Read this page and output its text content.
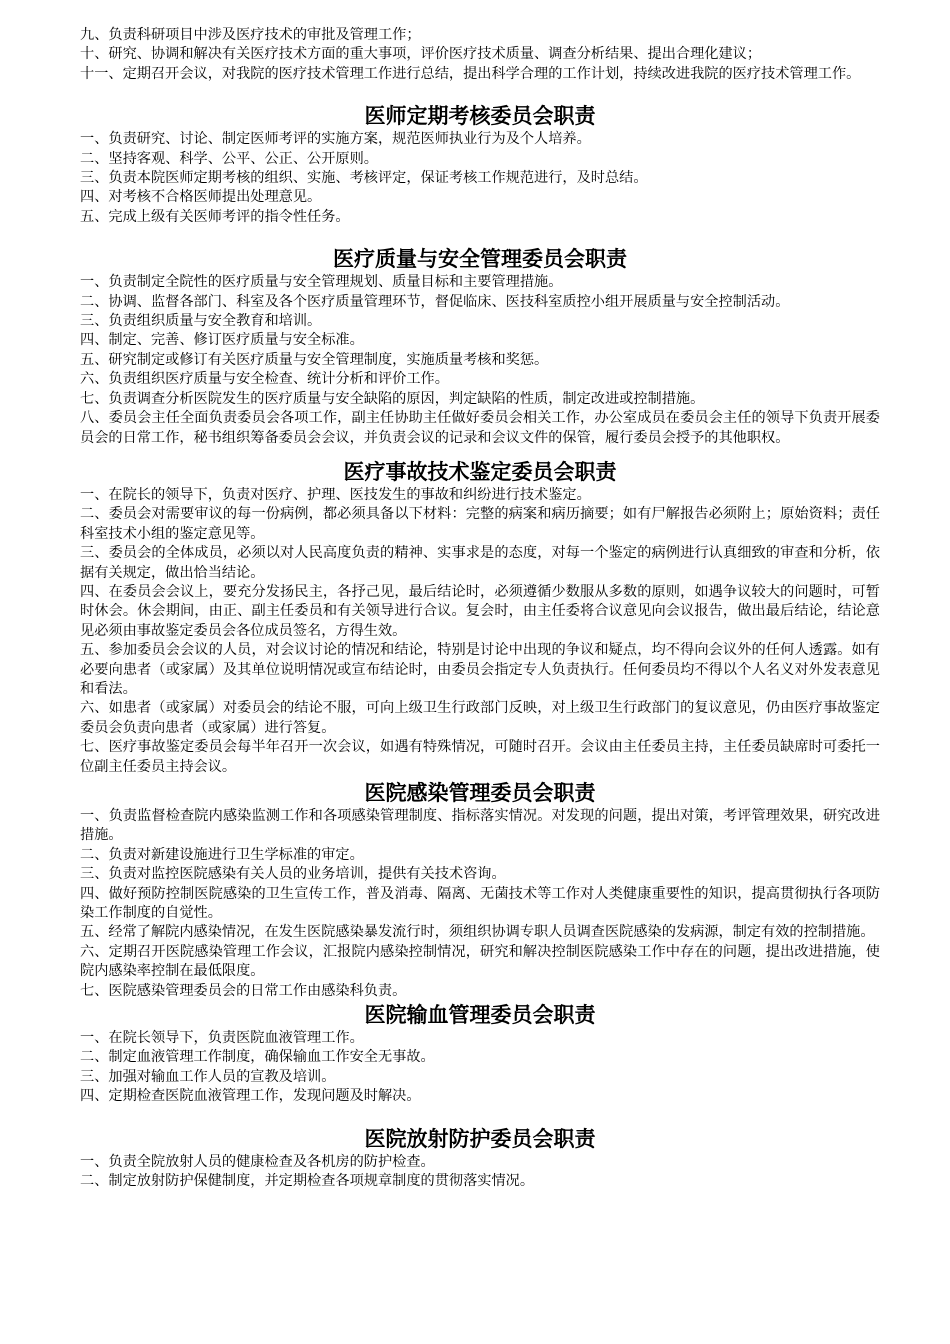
九、负责科研项目中涉及医疗技术的审批及管理工作；

十、研究、协调和解决有关医疗技术方面的重大事项，评价医疗技术质量、调查分析结果、提出合理化建议；

十一、定期召开会议，对我院的医疗技术管理工作进行总结，提出科学合理的工作计划，持续改进我院的医疗技术管理工作。

医师定期考核委员会职责

一、负责研究、讨论、制定医师考评的实施方案，规范医师执业行为及个人培养。

二、坚持客观、科学、公平、公正、公开原则。

三、负责本院医师定期考核的组织、实施、考核评定，保证考核工作规范进行，及时总结。

四、对考核不合格医师提出处理意见。

五、完成上级有关医师考评的指令性任务。

医疗质量与安全管理委员会职责

一、负责制定全院性的医疗质量与安全管理规划、质量目标和主要管理措施。

二、协调、监督各部门、科室及各个医疗质量管理环节，督促临床、医技科室质控小组开展质量与安全控制活动。

三、负责组织质量与安全教育和培训。

四、制定、完善、修订医疗质量与安全标准。

五、研究制定或修订有关医疗质量与安全管理制度，实施质量考核和奖惩。

六、负责组织医疗质量与安全检查、统计分析和评价工作。

七、负责调查分析医院发生的医疗质量与安全缺陷的原因，判定缺陷的性质，制定改进或控制措施。

八、委员会主任全面负责委员会各项工作，副主任协助主任做好委员会相关工作，办公室成员在委员会主任的领导下负责开展委员会的日常工作，秘书组织筹备委员会会议，并负责会议的记录和会议文件的保管，履行委员会授予的其他职权。

医疗事故技术鉴定委员会职责

一、在院长的领导下，负责对医疗、护理、医技发生的事故和纠纷进行技术鉴定。

二、委员会对需要审议的每一份病例，都必须具备以下材料：完整的病案和病历摘要；如有尸解报告必须附上；原始资料；责任科室技术小组的鉴定意见等。

三、委员会的全体成员，必须以对人民高度负责的精神、实事求是的态度，对每一个鉴定的病例进行认真细致的审查和分析，依据有关规定，做出恰当结论。

四、在委员会会议上，要充分发扬民主，各抒己见，最后结论时，必须遵循少数服从多数的原则，如遇争议较大的问题时，可暂时休会。休会期间，由正、副主任委员和有关领导进行合议。复会时，由主任委将合议意见向会议报告，做出最后结论，结论意见必须由事故鉴定委员会各位成员签名，方得生效。

五、参加委员会会议的人员，对会议讨论的情况和结论，特别是讨论中出现的争议和疑点，均不得向会议外的任何人透露。如有必要向患者（或家属）及其单位说明情况或宣布结论时，由委员会指定专人负责执行。任何委员均不得以个人名义对外发表意见和看法。

六、如患者（或家属）对委员会的结论不服，可向上级卫生行政部门反映，对上级卫生行政部门的复议意见，仍由医疗事故鉴定委员会负责向患者（或家属）进行答复。

七、医疗事故鉴定委员会每半年召开一次会议，如遇有特殊情况，可随时召开。会议由主任委员主持，主任委员缺席时可委托一位副主任委员主持会议。

医院感染管理委员会职责

一、负责监督检查院内感染监测工作和各项感染管理制度、指标落实情况。对发现的问题，提出对策，考评管理效果，研究改进措施。

二、负责对新建设施进行卫生学标准的审定。

三、负责对监控医院感染有关人员的业务培训，提供有关技术咨询。

四、做好预防控制医院感染的卫生宣传工作，普及消毒、隔离、无菌技术等工作对人类健康重要性的知识，提高贯彻执行各项防染工作制度的自觉性。

五、经常了解院内感染情况，在发生医院感染暴发流行时，须组织协调专职人员调查医院感染的发病源，制定有效的控制措施。

六、定期召开医院感染管理工作会议，汇报院内感染控制情况，研究和解决控制医院感染工作中存在的问题，提出改进措施，使院内感染率控制在最低限度。

七、医院感染管理委员会的日常工作由感染科负责。

医院输血管理委员会职责

一、在院长领导下，负责医院血液管理工作。

二、制定血液管理工作制度，确保输血工作安全无事故。

三、加强对输血工作人员的宣教及培训。

四、定期检查医院血液管理工作，发现问题及时解决。

医院放射防护委员会职责

一、负责全院放射人员的健康检查及各机房的防护检查。

二、制定放射防护保健制度，并定期检查各项规章制度的贯彻落实情况。
